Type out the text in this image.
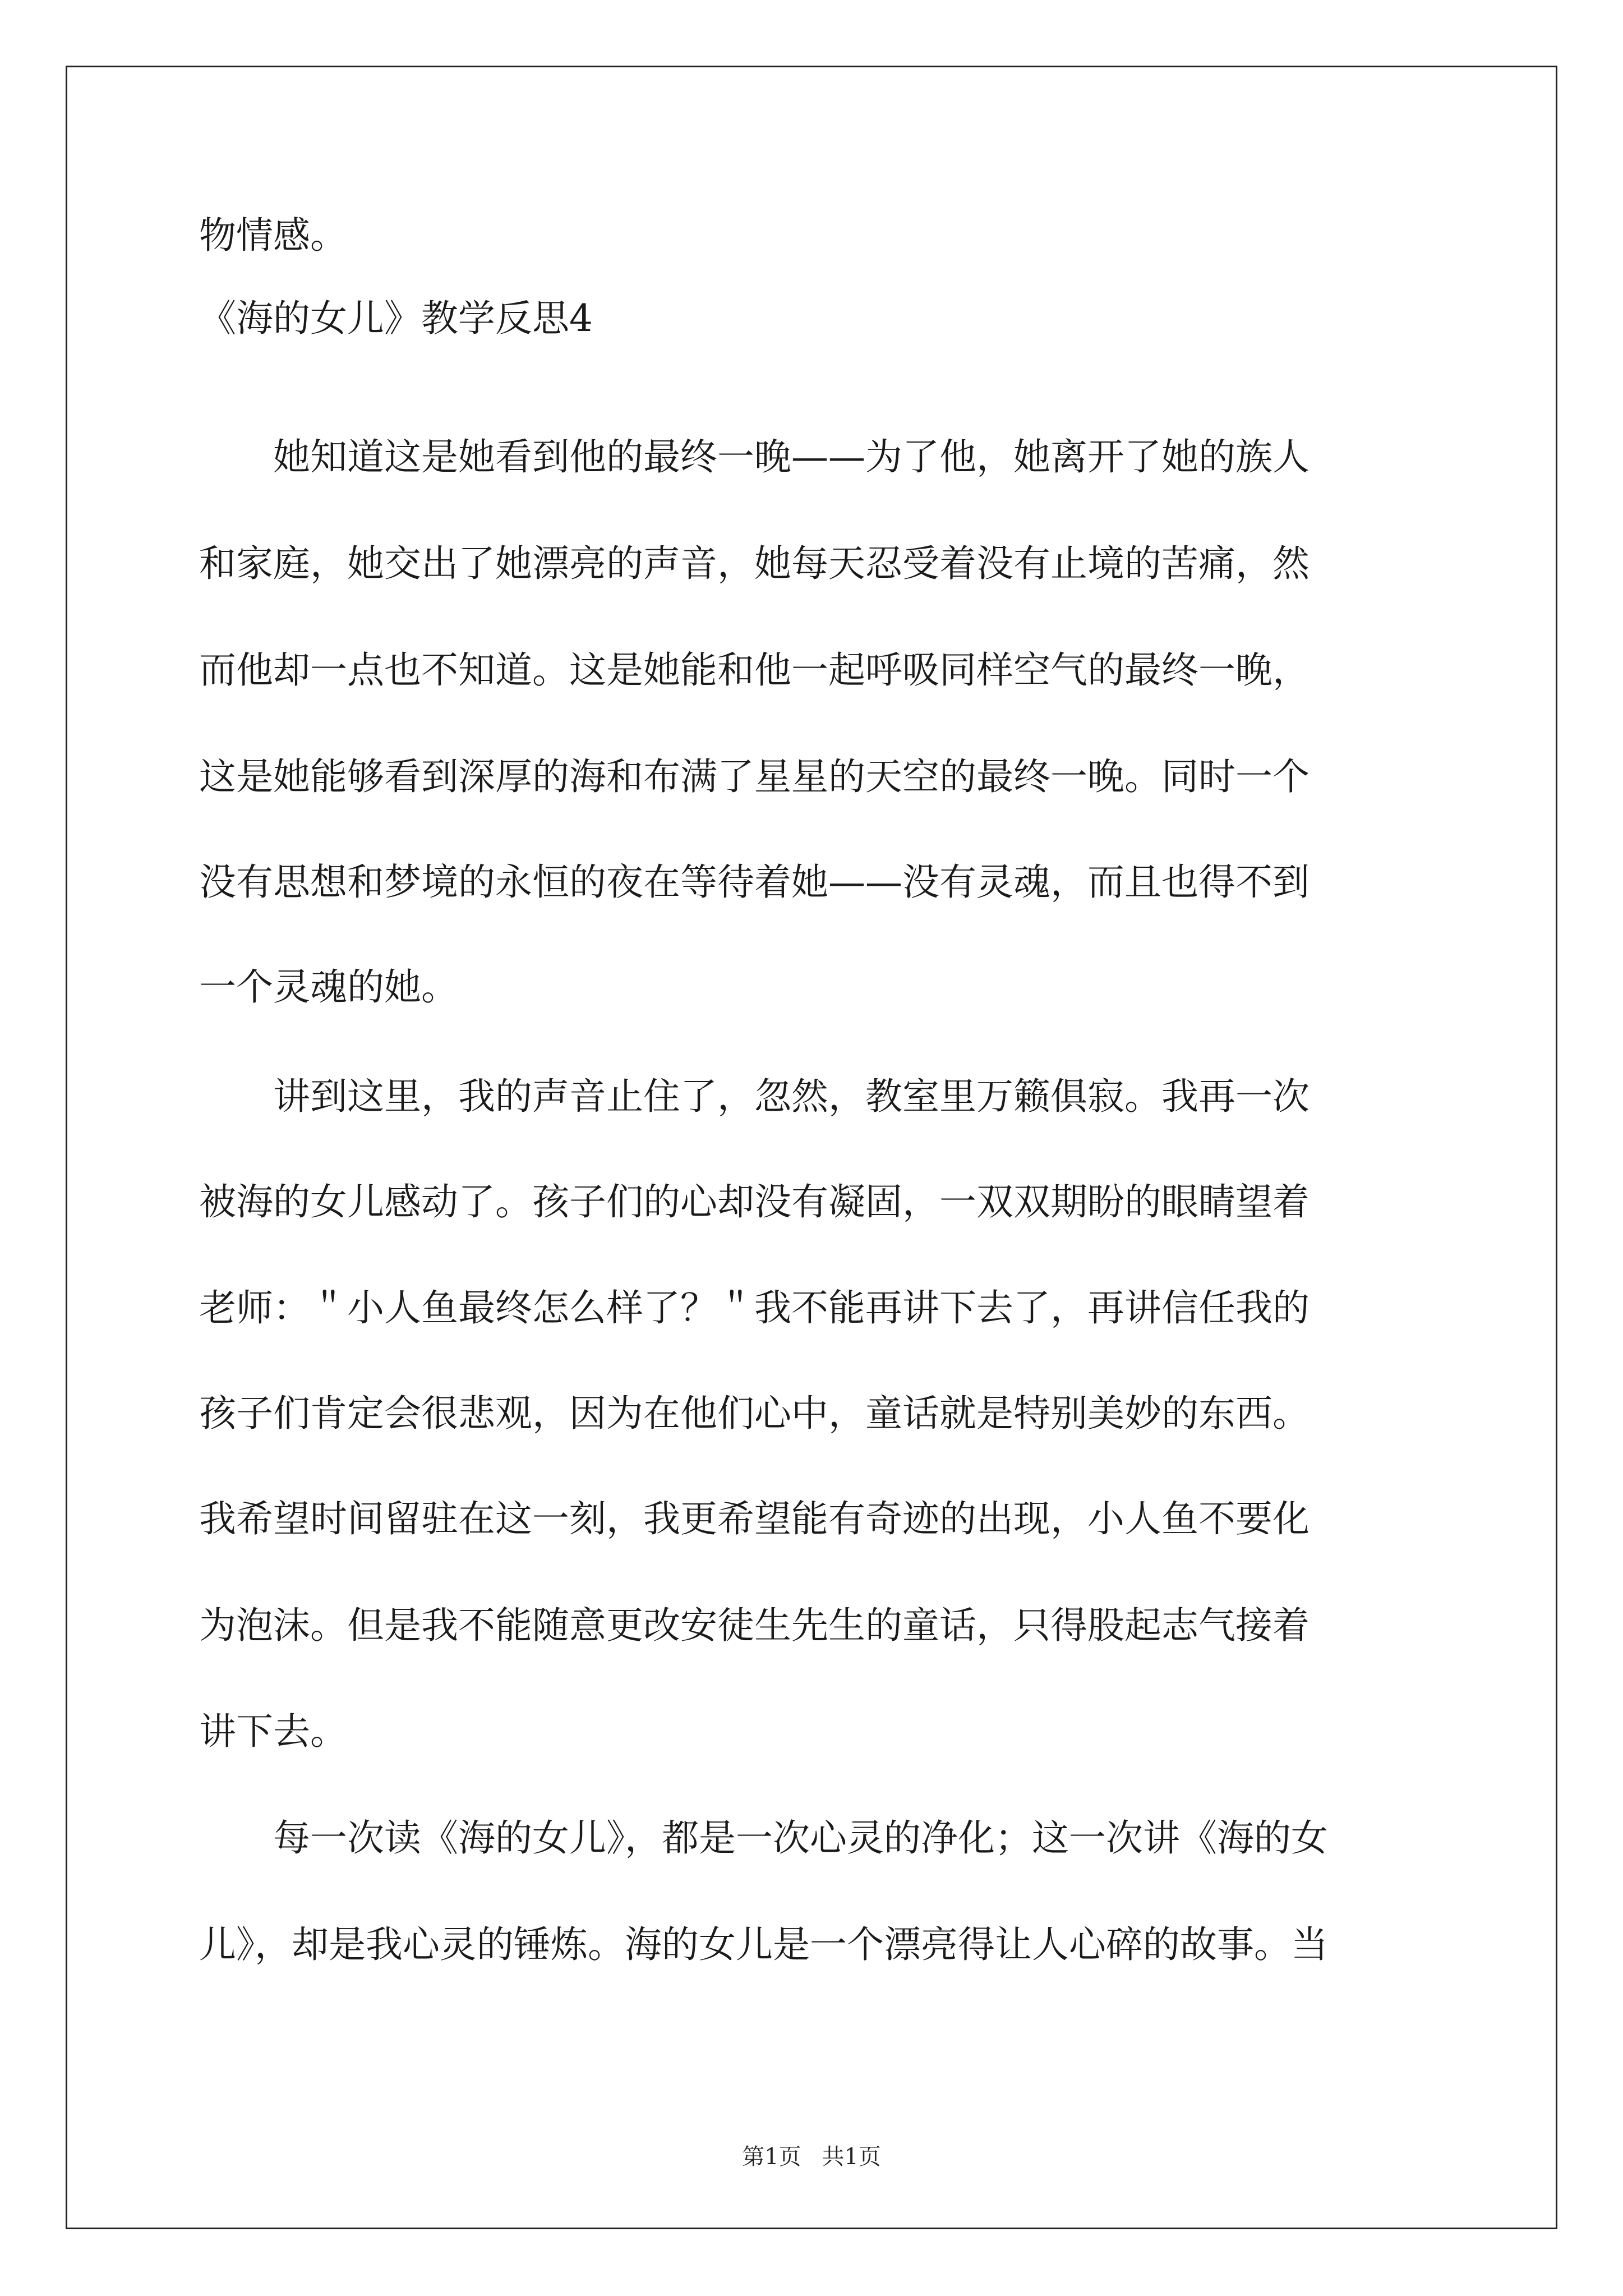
物情感。
《海的女儿》教学反思4
　　她知道这是她看到他的最终一晚——为了他，她离开了她的族人
和家庭，她交出了她漂亮的声音，她每天忍受着没有止境的苦痛，然
而他却一点也不知道。这是她能和他一起呼吸同样空气的最终一晚，
这是她能够看到深厚的海和布满了星星的天空的最终一晚。同时一个
没有思想和梦境的永恒的夜在等待着她——没有灵魂，而且也得不到
一个灵魂的她。
　　讲到这里，我的声音止住了，忽然，教室里万籁俱寂。我再一次
被海的女儿感动了。孩子们的心却没有凝固，一双双期盼的眼睛望着
老师：＂小人鱼最终怎么样了？＂我不能再讲下去了，再讲信任我的
孩子们肯定会很悲观，因为在他们心中，童话就是特别美妙的东西。
我希望时间留驻在这一刻，我更希望能有奇迹的出现，小人鱼不要化
为泡沫。但是我不能随意更改安徒生先生的童话，只得股起志气接着
讲下去。
　　每一次读《海的女儿》，都是一次心灵的净化；这一次讲《海的女
儿》，却是我心灵的锤炼。海的女儿是一个漂亮得让人心碎的故事。当
第1页 共1页
